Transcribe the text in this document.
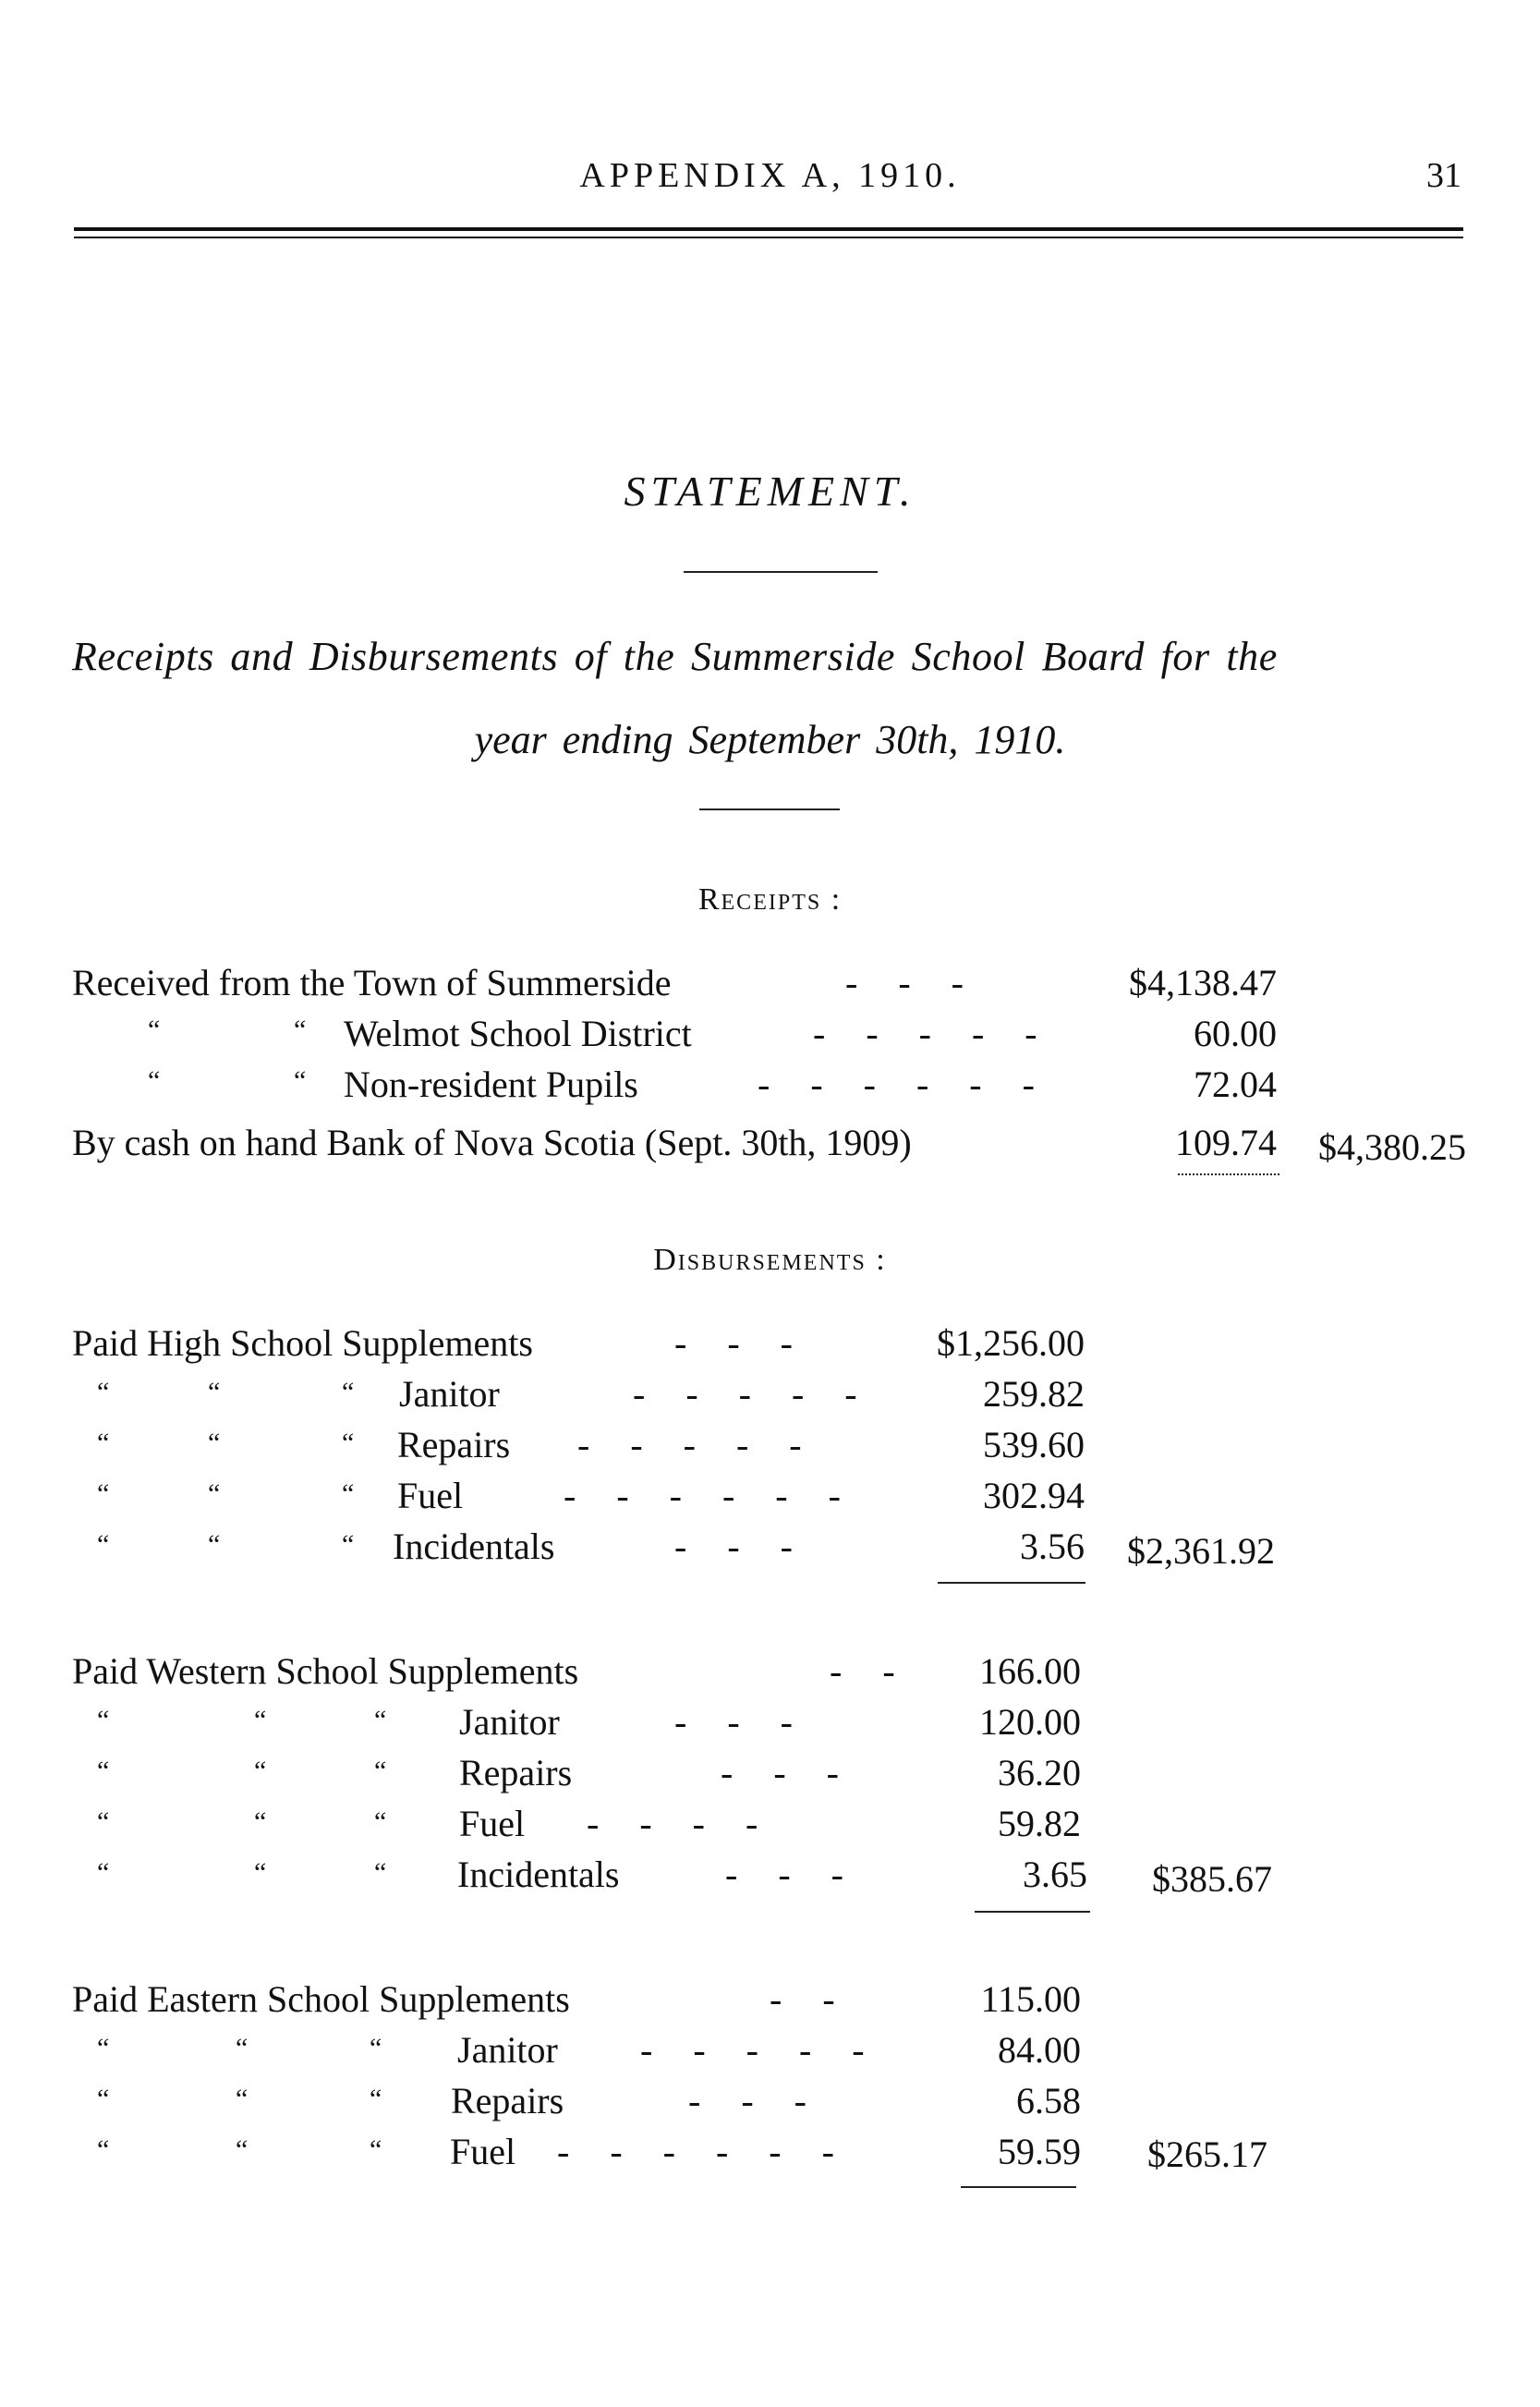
APPENDIX A, 1910.	31
STATEMENT.
Receipts and Disbursements of the Summerside School Board for the
year ending September 30th, 1910.
Receipts :
Received from the Town of Summerside	- - -	$4,138.47
“	“ Welmot School District	- - - - -	60.00
“	“ Non-resident Pupils	- - - - - -	72.04
By cash on hand Bank of Nova Scotia (Sept. 30th, 1909)	109.74 $4,380.25
Disbursements :
Paid High School Supplements	- - -	$1,256.00
“	“	“ Janitor	- - - - -	259.82
“	“	“ Repairs - - - - -	539.60
“	“	“ Fuel	- - - - - -	302.94
“	“	“ Incidentals	- - -	3.56 $2,361.92
Paid Western School Supplements	- - 166.00
“	“	“ Janitor	- - -	120.00
“	“	“ Repairs	- - -	36.20
“	“	“ Fuel - - - -	59.82
“	“	“ Incidentals	- - -	3.65 $385.67
Paid Eastern School Supplements	- -	115.00
“	“	“ Janitor - - - - -	84.00
“	“	“ Repairs	- - -	6.58
“	“	“ Fuel - - - - - -	59.59 $265.17
